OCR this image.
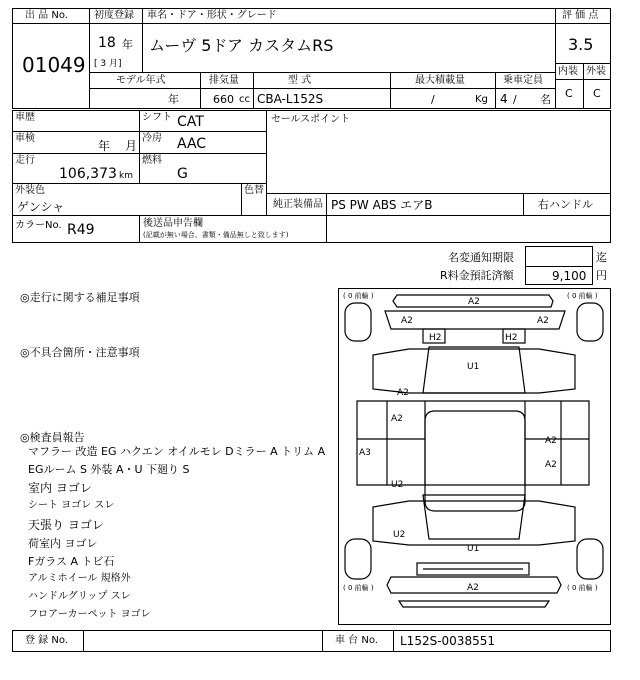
出 品 No.
01049
初度登録
18 年
[ 3 月]
車名・ドア・形状・グレード
ムーヴ 5ドア カスタムRS
評 価 点
3.5
内装 外装
C C
モデル年式	排気量	型 式	最大積載量	乗車定員
年	660 cc CBA-L152S	/	Kg 4 / 名
車歴
車検
年 月
走行
106,373 km
シフト CAT
冷房 AAC
燃料
G
セールスポイント
外装色
ゲンシャ
色替
純正装備品 PS PW ABS エアB	右ハンドル
カラーNo. R49	後送品申告欄
(記載が無い場合、書類・備品無しと致します)
名変通知期限	迄
R料金預託済額	9,100 円
◎走行に関する補足事項
◎不具合箇所・注意事項
◎検査員報告
マフラー 改造 EG ハクエン オイルモレ Dミラー A トリム A
EGルーム S 外装 A・U 下廻り S
室内 ヨゴレ
シート ヨゴレ スレ
天張り ヨゴレ
荷室内 ヨゴレ
Fガラス A トビ石
アルミホイール 規格外
ハンドルグリップ スレ
フロアーカーペット ヨゴレ
( 0 前輪 )	( 0 前輪 )
( 0 前輪 )	( 0 前輪 )
A2
A2	A2
H2	H2
U1
A2
A2
A3
A2
A2
U2
U2
U1
A2
登 録 No.	車 台 No. L152S-0038551
